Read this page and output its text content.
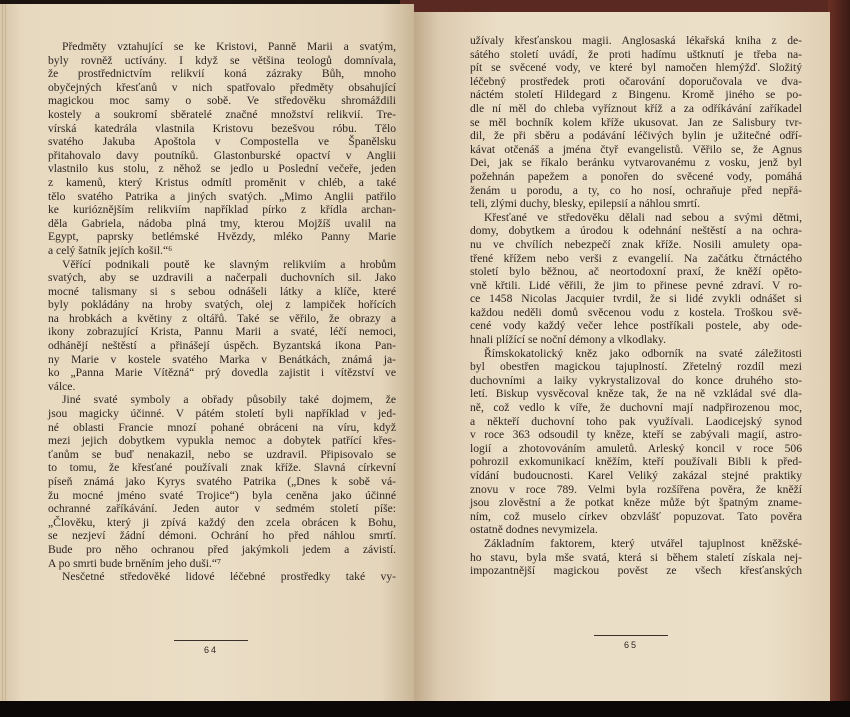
Předměty vztahující se ke Kristovi, Panně Marii a svatým,
byly rovněž uctívány. I když se většina teologů domnívala,
že prostřednictvím relikvií koná zázraky Bůh, mnoho
obyčejných křesťanů v nich spatřovalo předměty obsahující
magickou moc samy o sobě. Ve středověku shromáždili
kostely a soukromí sběratelé značné množství relikvií. Tre-
vírská katedrála vlastnila Kristovu bezešvou róbu. Tělo
svatého Jakuba Apoštola v Compostella ve Španělsku
přitahovalo davy poutníků. Glastonburské opactví v Anglii
vlastnilo kus stolu, z něhož se jedlo u Poslední večeře, jeden
z kamenů, který Kristus odmítl proměnit v chléb, a také
tělo svatého Patrika a jiných svatých. „Mimo Anglii patřilo
ke kurióznějším relikviím například pírko z křídla archan-
děla Gabriela, nádoba plná tmy, kterou Mojžíš uvalil na
Egypt, paprsky betlémské Hvězdy, mléko Panny Marie
a celý šatník jejích košil.“⁶
Věřící podnikali poutě ke slavným relikviím a hrobům
svatých, aby se uzdravili a načerpali duchovních sil. Jako
mocné talismany si s sebou odnášeli látky a klíče, které
byly pokládány na hroby svatých, olej z lampiček hořících
na hrobkách a květiny z oltářů. Také se věřilo, že obrazy a
ikony zobrazující Krista, Pannu Marii a svaté, léčí nemoci,
odhánějí neštěstí a přinášejí úspěch. Byzantská ikona Pan-
ny Marie v kostele svatého Marka v Benátkách, známá ja-
ko „Panna Marie Vítězná“ prý dovedla zajistit i vítězství ve
válce.
Jiné svaté symboly a obřady působily také dojmem, že
jsou magicky účinné. V pátém století byli například v jed-
né oblasti Francie mnozí pohané obráceni na víru, když
mezi jejich dobytkem vypukla nemoc a dobytek patřící křes-
ťanům se buď nenakazil, nebo se uzdravil. Připisovalo se
to tomu, že křesťané používali znak kříže. Slavná církevní
píseň známá jako Kyrys svatého Patrika („Dnes k sobě vá-
žu mocné jméno svaté Trojice“) byla ceněna jako účinné
ochranné zaříkávání. Jeden autor v sedmém století píše:
„Člověku, který ji zpívá každý den zcela obrácen k Bohu,
se nezjeví žádní démoni. Ochrání ho před náhlou smrtí.
Bude pro něho ochranou před jakýmkoli jedem a závistí.
A po smrti bude brněním jeho duši.“⁷
Nesčetné středověké lidové léčebné prostředky také vy-
64
užívaly křesťanskou magii. Anglosaská lékařská kniha z de-
sátého století uvádí, že proti hadímu uštknutí je třeba na-
pít se svěcené vody, ve které byl namočen hlemýžď. Složitý
léčebný prostředek proti očarování doporučovala ve dva-
náctém století Hildegard z Bingenu. Kromě jiného se po-
dle ní měl do chleba vyříznout kříž a za odříkávání zaříkadel
se měl bochník kolem kříže ukusovat. Jan ze Salisbury tvr-
dil, že při sběru a podávání léčivých bylin je užitečné odří-
kávat otčenáš a jména čtyř evangelistů. Věřilo se, že Agnus
Dei, jak se říkalo beránku vytvarovanému z vosku, jenž byl
požehnán papežem a ponořen do svěcené vody, pomáhá
ženám u porodu, a ty, co ho nosí, ochraňuje před nepřá-
teli, zlými duchy, blesky, epilepsií a náhlou smrtí.
Křesťané ve středověku dělali nad sebou a svými dětmi,
domy, dobytkem a úrodou k odehnání neštěstí a na ochra-
nu ve chvílích nebezpečí znak kříže. Nosili amulety opa-
třené křížem nebo verši z evangelií. Na začátku čtrnáctého
století bylo běžnou, ač neortodoxní praxí, že kněží opěto-
vně křtili. Lidé věřili, že jim to přinese pevné zdraví. V ro-
ce 1458 Nicolas Jacquier tvrdil, že si lidé zvykli odnášet si
každou neděli domů svěcenou vodu z kostela. Troškou svě-
cené vody každý večer lehce postříkali postele, aby ode-
hnali plížící se noční démony a vlkodlaky.
Římskokatolický kněz jako odborník na svaté záležitosti
byl obestřen magickou tajuplností. Zřetelný rozdíl mezi
duchovními a laiky vykrystalizoval do konce druhého sto-
letí. Biskup vysvěcoval kněze tak, že na ně vzkládal své dla-
ně, což vedlo k víře, že duchovní mají nadpřirozenou moc,
a někteří duchovní toho pak využívali. Laodicejský synod
v roce 363 odsoudil ty kněze, kteří se zabývali magií, astro-
logií a zhotovováním amuletů. Arleský koncil v roce 506
pohrozil exkomunikací kněžím, kteří používali Bibli k před-
vídání budoucnosti. Karel Veliký zakázal stejné praktiky
znovu v roce 789. Velmi byla rozšířena pověra, že kněží
jsou zlověstní a že potkat kněze může být špatným zname-
ním, což muselo církev obzvlášť popuzovat. Tato pověra
ostatně dodnes nevymizela.
Základním faktorem, který utvářel tajuplnost kněžské-
ho stavu, byla mše svatá, která si během staletí získala nej-
impozantnější magickou pověst ze všech křesťanských
65
